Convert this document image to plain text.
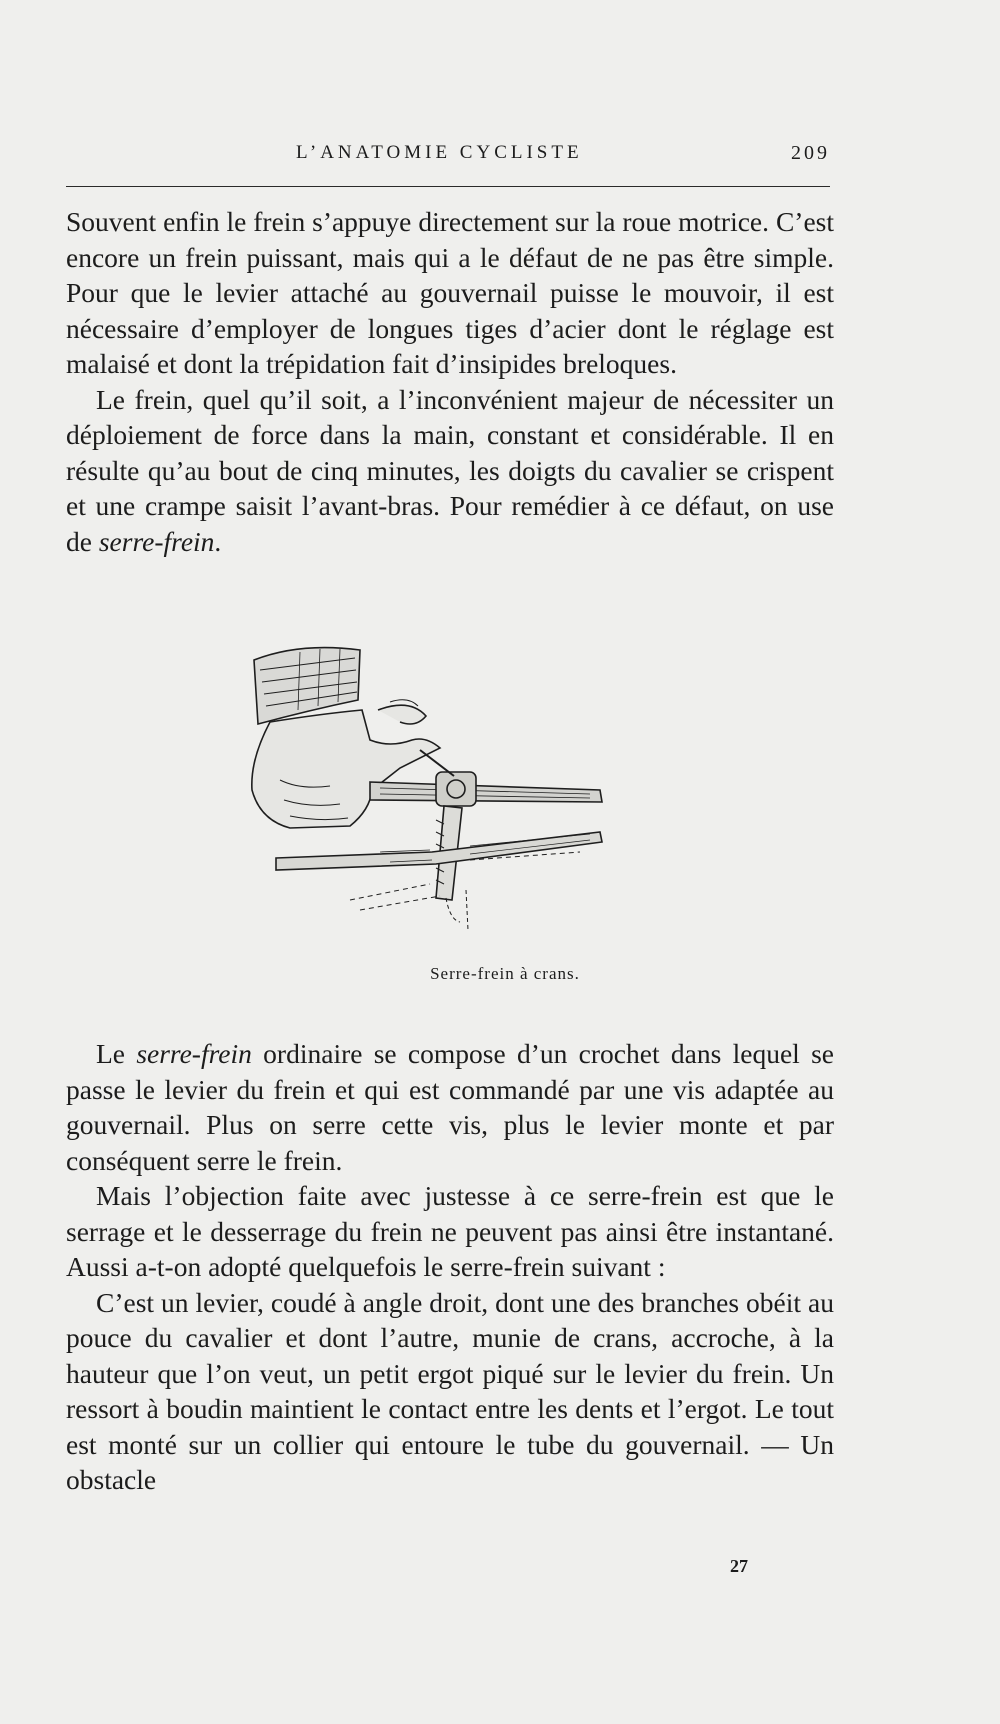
L’ANATOMIE CYCLISTE	209

Souvent enfin le frein s’appuye directement sur la roue motrice. C’est encore un frein puissant, mais qui a le défaut de ne pas être simple. Pour que le levier attaché au gouvernail puisse le mouvoir, il est nécessaire d’employer de longues tiges d’acier dont le réglage est malaisé et dont la trépidation fait d’insipides breloques.

Le frein, quel qu’il soit, a l’inconvénient majeur de nécessiter un déploiement de force dans la main, constant et considérable. Il en résulte qu’au bout de cinq minutes, les doigts du cavalier se crispent et une crampe saisit l’avant-bras. Pour remédier à ce défaut, on use de serre-frein.

Serre-frein à crans.

Le serre-frein ordinaire se compose d’un crochet dans lequel se passe le levier du frein et qui est commandé par une vis adaptée au gouvernail. Plus on serre cette vis, plus le levier monte et par conséquent serre le frein.

Mais l’objection faite avec justesse à ce serre-frein est que le serrage et le desserrage du frein ne peuvent pas ainsi être instantané. Aussi a-t-on adopté quelquefois le serre-frein suivant :

C’est un levier, coudé à angle droit, dont une des branches obéit au pouce du cavalier et dont l’autre, munie de crans, accroche, à la hauteur que l’on veut, un petit ergot piqué sur le levier du frein. Un ressort à boudin maintient le contact entre les dents et l’ergot. Le tout est monté sur un collier qui entoure le tube du gouvernail. — Un obstacle

27
